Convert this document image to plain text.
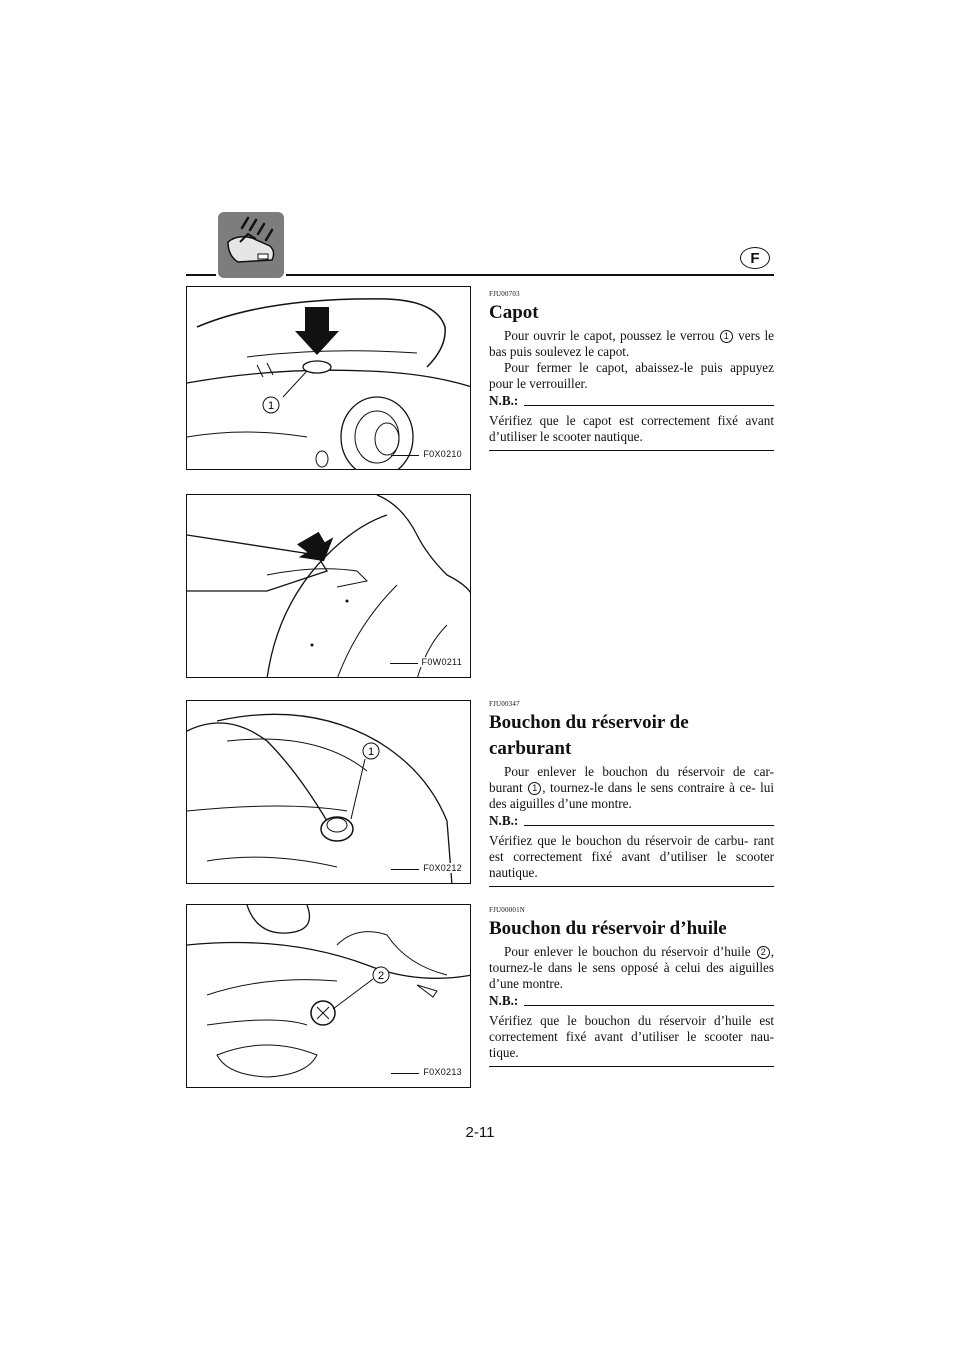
F
1
F0X0210
F0W0211
1
F0X0212
2
F0X0213
FJU00703
Capot

Pour ouvrir le capot, poussez le verrou 1 vers le bas puis soulevez le capot.

Pour fermer le capot, abaissez-le puis appuyez pour le verrouiller.

N.B.:

Vérifiez que le capot est correctement fixé avant d’utiliser le scooter nautique.

FJU00347
Bouchon du réservoir de
carburant

Pour enlever le bouchon du réservoir de car- burant 1 , tournez-le dans le sens contraire à ce- lui des aiguilles d’une montre.

N.B.:

Vérifiez que le bouchon du réservoir de carbu- rant est correctement fixé avant d’utiliser le scooter nautique.

FJU00001N
Bouchon du réservoir d’huile

Pour enlever le bouchon du réservoir d’huile 2 , tournez-le dans le sens opposé à celui des aiguilles d’une montre.

N.B.:

Vérifiez que le bouchon du réservoir d’huile est correctement fixé avant d’utiliser le scooter nau- tique.

2-11
